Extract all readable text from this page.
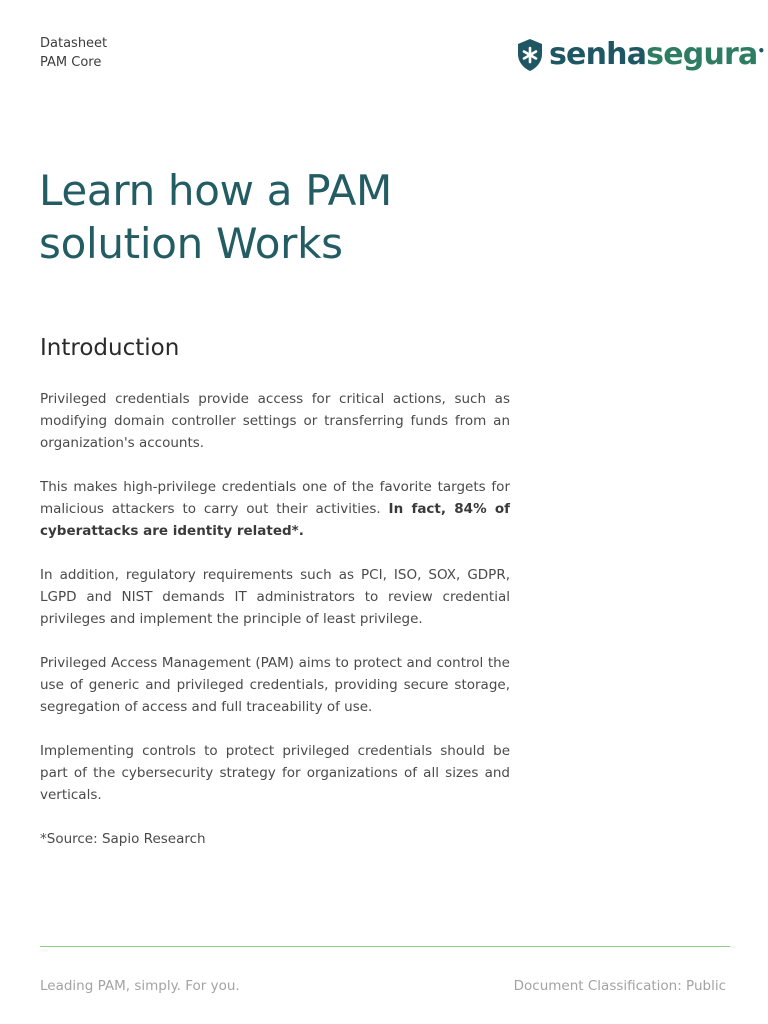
Datasheet
PAM Core	senhasegura•
Learn how a PAM
solution Works
Introduction

Privileged credentials provide access for critical actions, such as modifying domain controller settings or transferring funds from an organization's accounts.

This makes high-privilege credentials one of the favorite targets for malicious attackers to carry out their activities. In fact, 84% of cyberattacks are identity related*.

In addition, regulatory requirements such as PCI, ISO, SOX, GDPR, LGPD and NIST demands IT administrators to review credential privileges and implement the principle of least privilege.

Privileged Access Management (PAM) aims to protect and control the use of generic and privileged credentials, providing secure storage, segregation of access and full traceability of use.

Implementing controls to protect privileged credentials should be part of the cybersecurity strategy for organizations of all sizes and verticals.

*Source: Sapio Research

Leading PAM, simply. For you.	Document Classification: Public
